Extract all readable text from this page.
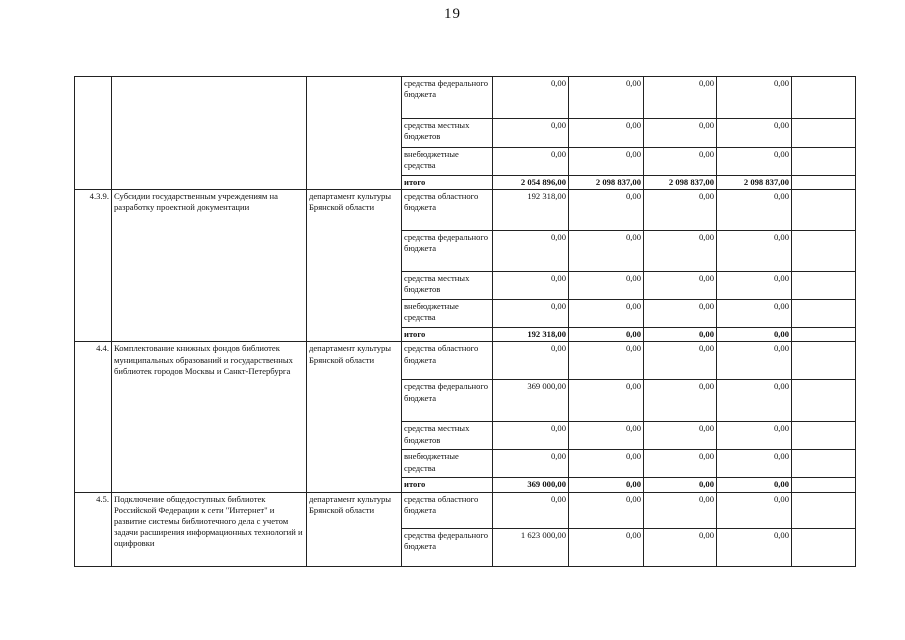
19
			средства федерального бюджета	0,00	0,00	0,00	0,00	
			средства местных бюджетов	0,00	0,00	0,00	0,00	
			внебюджетные средства	0,00	0,00	0,00	0,00	
			итого	2 054 896,00	2 098 837,00	2 098 837,00	2 098 837,00	
4.3.9.	Субсидии государственным учреждениям на разработку проектной документации	департамент культуры Брянской области	средства областного бюджета	192 318,00	0,00	0,00	0,00	
			средства федерального бюджета	0,00	0,00	0,00	0,00	
			средства местных бюджетов	0,00	0,00	0,00	0,00	
			внебюджетные средства	0,00	0,00	0,00	0,00	
			итого	192 318,00	0,00	0,00	0,00	
4.4.	Комплектование книжных фондов библиотек муниципальных образований и государственных библиотек городов Москвы и Санкт-Петербурга	департамент культуры Брянской области	средства областного бюджета	0,00	0,00	0,00	0,00	
			средства федерального бюджета	369 000,00	0,00	0,00	0,00	
			средства местных бюджетов	0,00	0,00	0,00	0,00	
			внебюджетные средства	0,00	0,00	0,00	0,00	
			итого	369 000,00	0,00	0,00	0,00	
4.5.	Подключение общедоступных библиотек Российской Федерации к сети "Интернет" и развитие системы библиотечного дела с учетом задачи расширения информационных технологий и оцифровки	департамент культуры Брянской области	средства областного бюджета	0,00	0,00	0,00	0,00	
			средства федерального бюджета	1 623 000,00	0,00	0,00	0,00	
